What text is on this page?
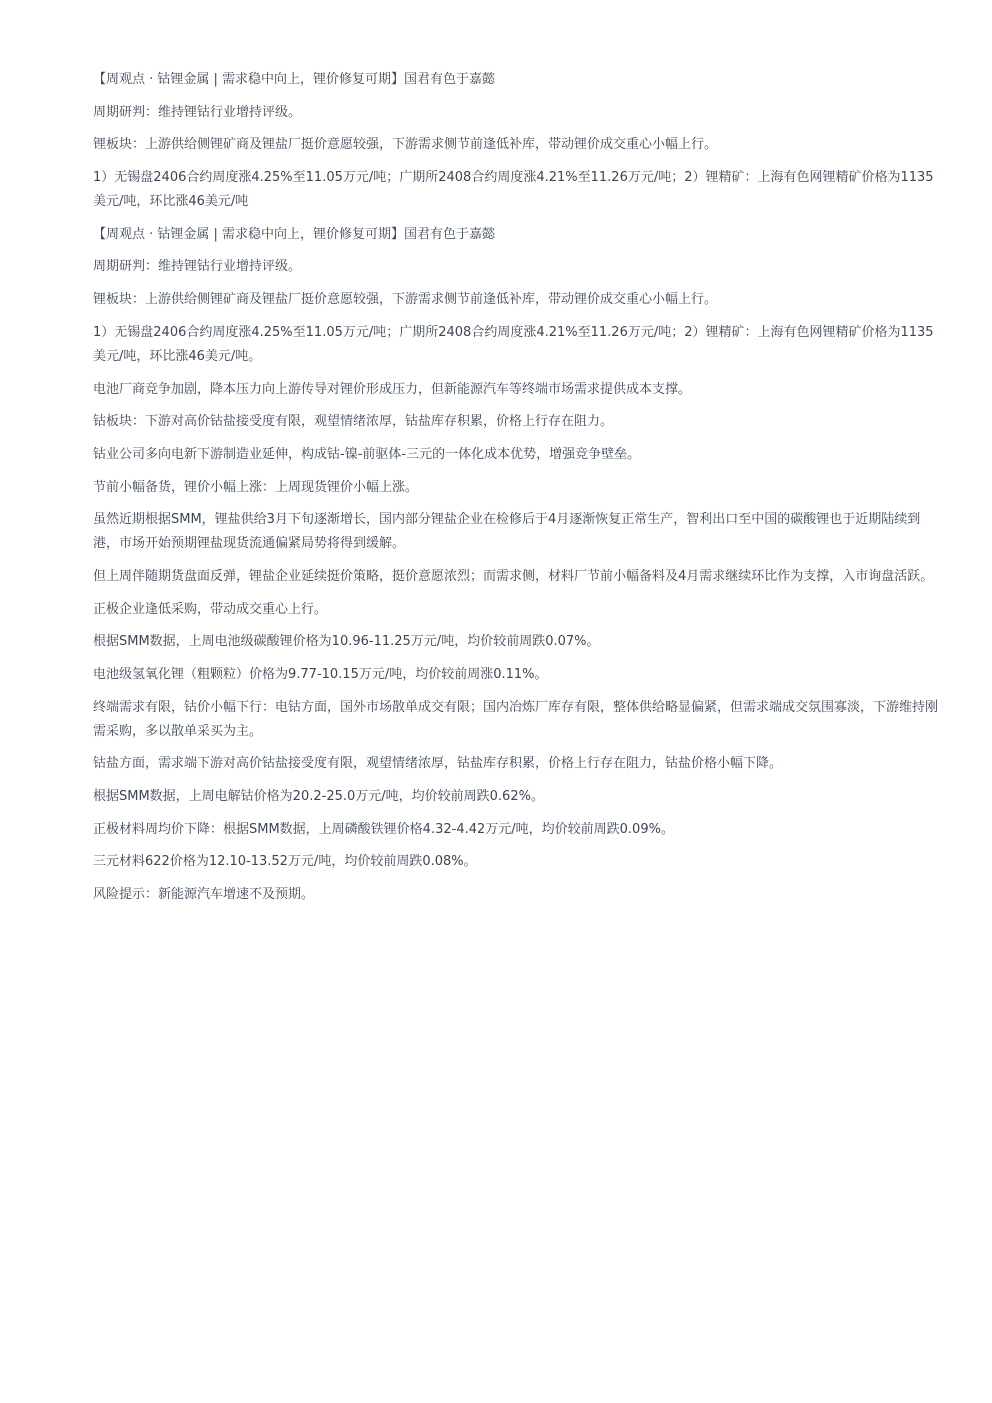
【周观点 · 钴锂金属 | 需求稳中向上，锂价修复可期】国君有色于嘉懿

周期研判：维持锂钴行业增持评级。

锂板块：上游供给侧锂矿商及锂盐厂挺价意愿较强，下游需求侧节前逢低补库，带动锂价成交重心小幅上行。

1）无锡盘2406合约周度涨4.25%至11.05万元/吨；广期所2408合约周度涨4.21%至11.26万元/吨；2）锂精矿：上海有色网锂精矿价格为1135美元/吨，环比涨46美元/吨

【周观点 · 钴锂金属 | 需求稳中向上，锂价修复可期】国君有色于嘉懿

周期研判：维持锂钴行业增持评级。

锂板块：上游供给侧锂矿商及锂盐厂挺价意愿较强，下游需求侧节前逢低补库，带动锂价成交重心小幅上行。

1）无锡盘2406合约周度涨4.25%至11.05万元/吨；广期所2408合约周度涨4.21%至11.26万元/吨；2）锂精矿：上海有色网锂精矿价格为1135美元/吨，环比涨46美元/吨。

电池厂商竞争加剧，降本压力向上游传导对锂价形成压力，但新能源汽车等终端市场需求提供成本支撑。

钴板块：下游对高价钴盐接受度有限，观望情绪浓厚，钴盐库存积累，价格上行存在阻力。

钴业公司多向电新下游制造业延伸，构成钴-镍-前驱体-三元的一体化成本优势，增强竞争壁垒。

节前小幅备货，锂价小幅上涨：上周现货锂价小幅上涨。

虽然近期根据SMM，锂盐供给3月下旬逐渐增长，国内部分锂盐企业在检修后于4月逐渐恢复正常生产，智利出口至中国的碳酸锂也于近期陆续到港，市场开始预期锂盐现货流通偏紧局势将得到缓解。

但上周伴随期货盘面反弹，锂盐企业延续挺价策略，挺价意愿浓烈；而需求侧，材料厂节前小幅备料及4月需求继续环比作为支撑，入市询盘活跃。

正极企业逢低采购，带动成交重心上行。

根据SMM数据，上周电池级碳酸锂价格为10.96-11.25万元/吨，均价较前周跌0.07%。

电池级氢氧化锂（粗颗粒）价格为9.77-10.15万元/吨，均价较前周涨0.11%。

终端需求有限，钴价小幅下行：电钴方面，国外市场散单成交有限；国内冶炼厂库存有限，整体供给略显偏紧，但需求端成交氛围寡淡，下游维持刚需采购，多以散单采买为主。

钴盐方面，需求端下游对高价钴盐接受度有限，观望情绪浓厚，钴盐库存积累，价格上行存在阻力，钴盐价格小幅下降。

根据SMM数据，上周电解钴价格为20.2-25.0万元/吨，均价较前周跌0.62%。

正极材料周均价下降：根据SMM数据，上周磷酸铁锂价格4.32-4.42万元/吨，均价较前周跌0.09%。

三元材料622价格为12.10-13.52万元/吨，均价较前周跌0.08%。

风险提示：新能源汽车增速不及预期。
